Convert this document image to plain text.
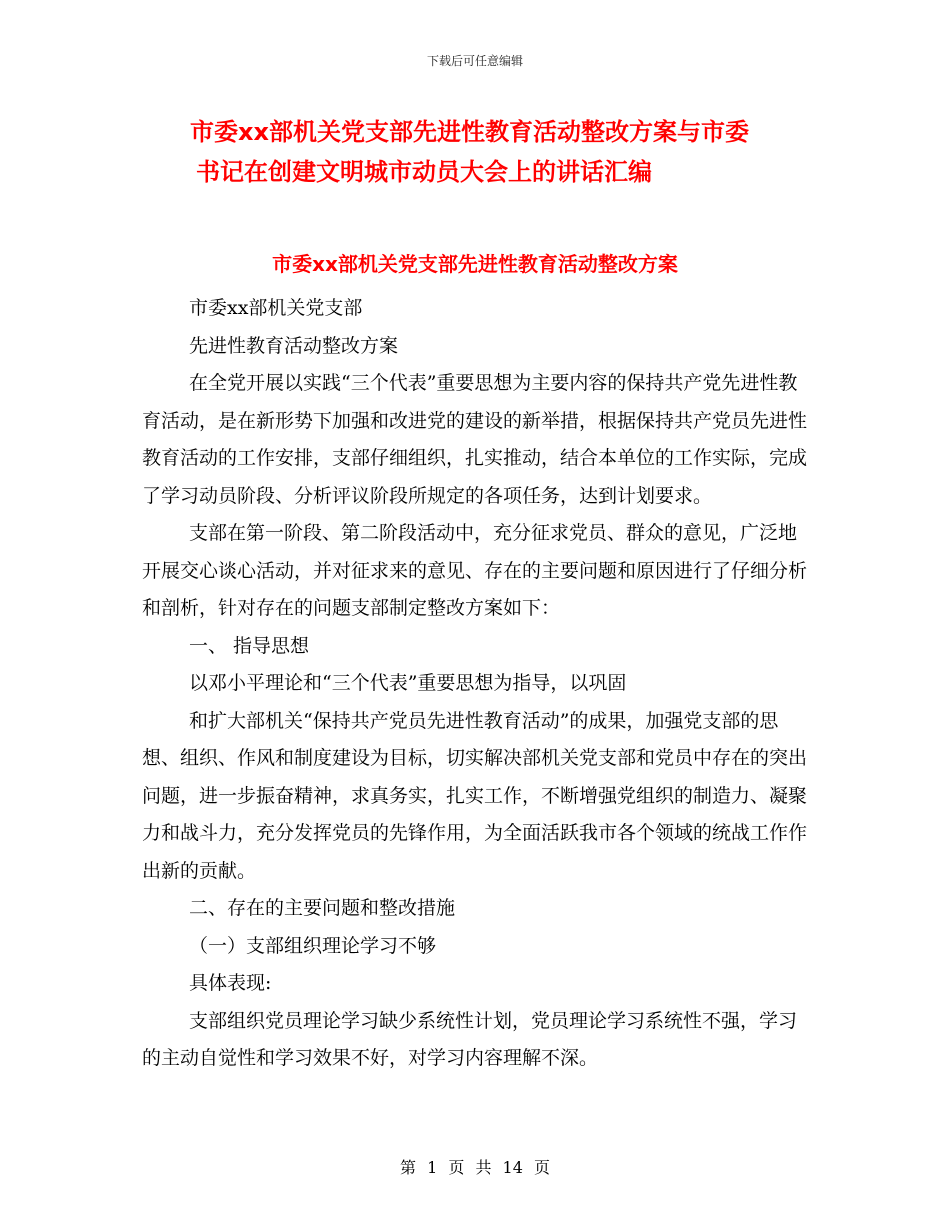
下载后可任意编辑
市委xx部机关党支部先进性教育活动整改方案与市委
书记在创建文明城市动员大会上的讲话汇编
市委xx部机关党支部先进性教育活动整改方案

市委xx部机关党支部

先进性教育活动整改方案

在全党开展以实践“三个代表”重要思想为主要内容的保持共产党先进性教育活动，是在新形势下加强和改进党的建设的新举措，根据保持共产党员先进性教育活动的工作安排，支部仔细组织，扎实推动，结合本单位的工作实际，完成了学习动员阶段、分析评议阶段所规定的各项任务，达到计划要求。

支部在第一阶段、第二阶段活动中，充分征求党员、群众的意见，广泛地开展交心谈心活动，并对征求来的意见、存在的主要问题和原因进行了仔细分析和剖析，针对存在的问题支部制定整改方案如下：

一、 指导思想

以邓小平理论和“三个代表”重要思想为指导，以巩固

和扩大部机关“保持共产党员先进性教育活动”的成果，加强党支部的思想、组织、作风和制度建设为目标，切实解决部机关党支部和党员中存在的突出问题，进一步振奋精神，求真务实，扎实工作，不断增强党组织的制造力、凝聚力和战斗力，充分发挥党员的先锋作用，为全面活跃我市各个领域的统战工作作出新的贡献。

二、存在的主要问题和整改措施

（一）支部组织理论学习不够

具体表现:

支部组织党员理论学习缺少系统性计划，党员理论学习系统性不强，学习的主动自觉性和学习效果不好，对学习内容理解不深。

第 1 页 共 14 页
